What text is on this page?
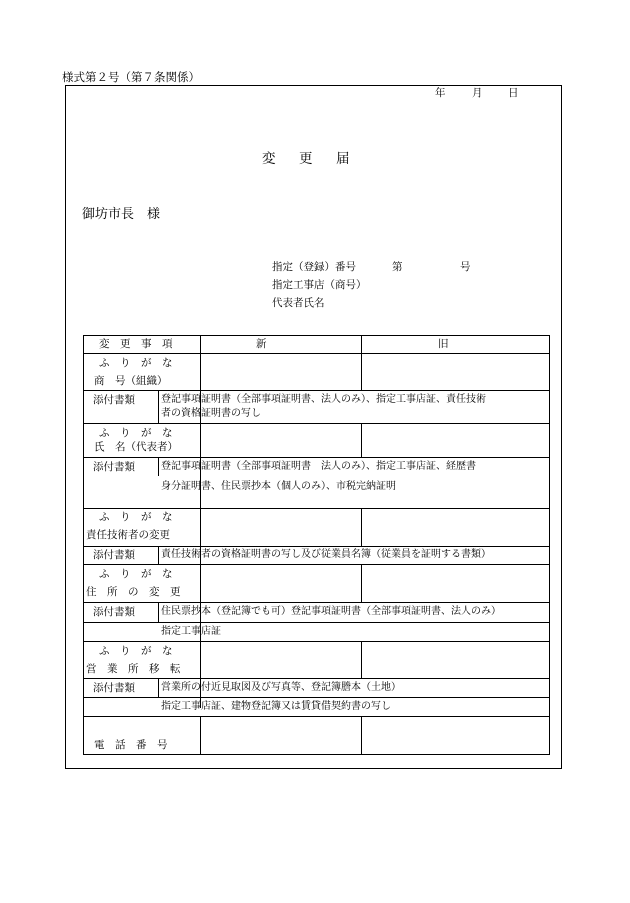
様式第２号（第７条関係）
年	月 日
変 更 届
御坊市長　様
指定（登録）番号	第	号
指定工事店（商号）
代表者氏名
変　更　事　項	新	旧
ふ　り　が　な
商　号（組織）
添付書類	登記事項証明書（全部事項証明書、法人のみ）、指定工事店証、責任技術
者の資格証明書の写し
ふ　り　が　な
氏　名（代表者）
添付書類	登記事項証明書（全部事項証明書　法人のみ）、指定工事店証、経歴書
身分証明書、住民票抄本（個人のみ）、市税完納証明
ふ　り　が　な
責任技術者の変更
添付書類	責任技術者の資格証明書の写し及び従業員名簿（従業員を証明する書類）
ふ　り　が　な
住　所　の　変　更
添付書類	住民票抄本（登記簿でも可）登記事項証明書（全部事項証明書、法人のみ）
指定工事店証
ふ　り　が　な
営　業　所　移　転
添付書類	営業所の付近見取図及び写真等、登記簿謄本（土地）
指定工事店証、建物登記簿又は賃貸借契約書の写し
電　話　番　号
